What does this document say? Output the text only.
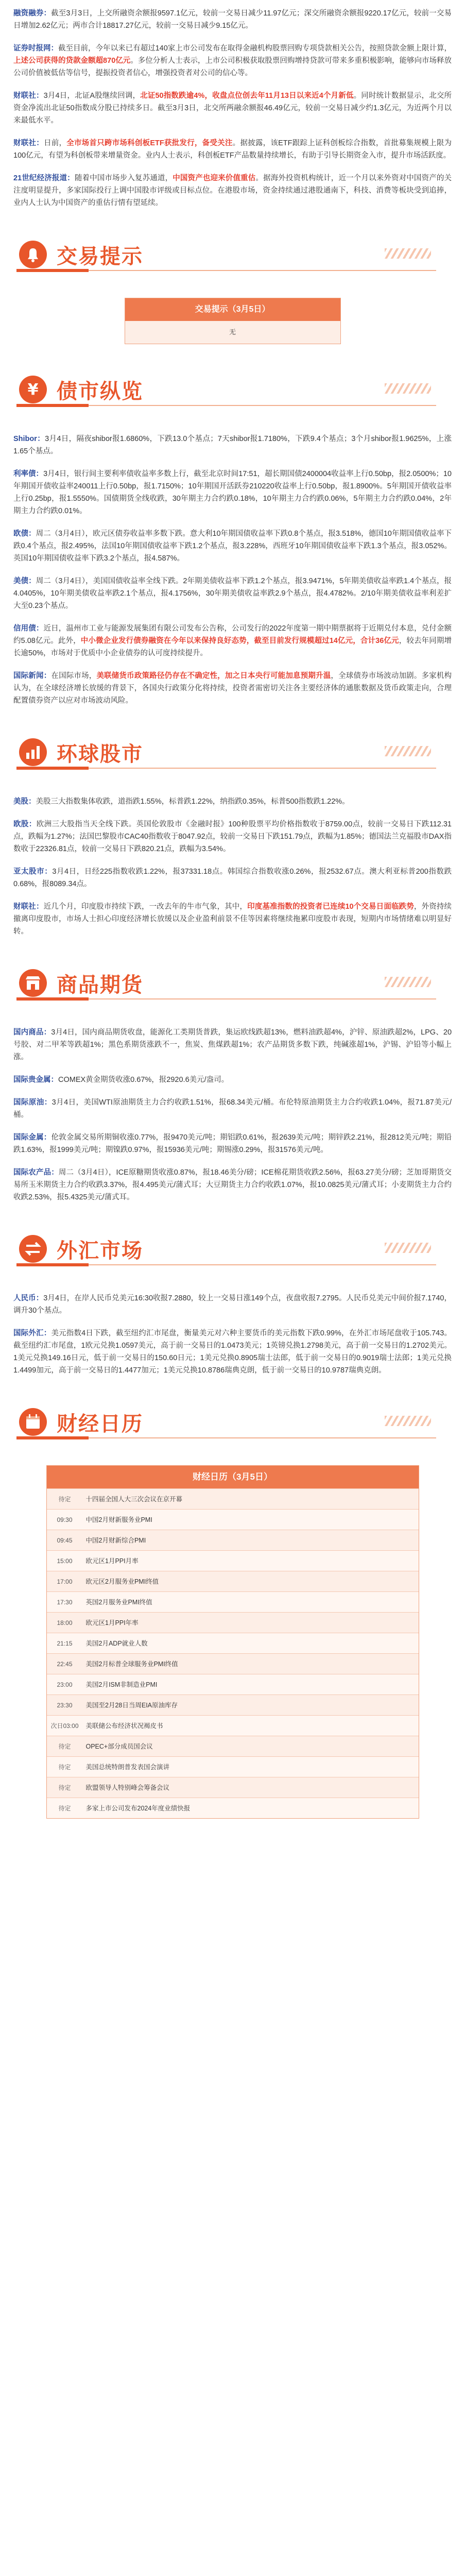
融资融券：截至3月3日，上交所融资余额报9597.1亿元，较前一交易日减少11.97亿元；深交所融资余额报9220.17亿元，较前一交易日增加2.62亿元；两市合计18817.27亿元，较前一交易日减少9.15亿元。

证券时报网：截至目前，今年以来已有超过140家上市公司发布在取得金融机构股票回购专项贷款相关公告，按照贷款金额上限计算，上述公司获得的贷款金额超870亿元。多位分析人士表示，上市公司积极获取股票回购增持贷款可带来多重积极影响，能够向市场释放公司价值被低估等信号，提振投资者信心，增强投资者对公司的信心等。

财联社：3月4日，北证A股继续回调，北证50指数跌逾4%，收盘点位创去年11月13日以来近4个月新低。同时统计数据显示，北交所资金净流出北证50指数成分股已持续多日。截至3月3日，北交所两融余额报46.49亿元，较前一交易日减少约1.3亿元，为近两个月以来最低水平。

财联社：日前，全市场首只跨市场科创板ETF获批发行，备受关注。据披露，该ETF跟踪上证科创板综合指数，首批募集规模上限为100亿元，有望为科创板带来增量资金。业内人士表示，科创板ETF产品数量持续增长，有助于引导长期资金入市，提升市场活跃度。

21世纪经济报道：随着中国市场步入复苏通道，中国资产也迎来价值重估。据海外投资机构统计，近一个月以来外资对中国资产的关注度明显提升，多家国际投行上调中国股市评级或目标点位。在港股市场，资金持续通过港股通南下，科技、消费等板块受到追捧，业内人士认为中国资产的重估行情有望延续。

交易提示
交易提示（3月5日）
无
¥ 债市纵览

Shibor：3月4日，隔夜shibor报1.6860%，下跌13.0个基点；7天shibor报1.7180%，下跌9.4个基点；3个月shibor报1.9625%，上涨1.65个基点。

利率债：3月4日，银行间主要利率债收益率多数上行，截至北京时间17:51，超长期国债2400004收益率上行0.50bp，报2.0500%；10年期国开债收益率240011上行0.50bp，报1.7150%；10年期国开活跃券210220收益率上行0.50bp，报1.8900%。5年期国开债收益率上行0.25bp，报1.5550%。国债期货全线收跌，30年期主力合约跌0.18%，10年期主力合约跌0.06%，5年期主力合约跌0.04%，2年期主力合约跌0.01%。

欧债：周二（3月4日），欧元区债券收益率多数下跌。意大利10年期国债收益率下跌0.8个基点，报3.518%，德国10年期国债收益率下跌0.4个基点，报2.495%，法国10年期国债收益率下跌1.2个基点，报3.228%，西班牙10年期国债收益率下跌1.3个基点，报3.052%。英国10年期国债收益率下跌3.2个基点，报4.587%。

美债：周二（3月4日），美国国债收益率全线下跌。2年期美债收益率下跌1.2个基点，报3.9471%，5年期美债收益率跌1.4个基点，报4.0405%，10年期美债收益率跌2.1个基点，报4.1756%，30年期美债收益率跌2.9个基点，报4.4782%。2/10年期美债收益率利差扩大至0.23个基点。

信用债：近日，温州市工业与能源发展集团有限公司发布公告称，公司发行的2022年度第一期中期票据将于近期兑付本息，兑付金额约5.08亿元。此外，中小微企业发行债券融资在今年以来保持良好态势，截至目前发行规模超过14亿元，合计36亿元，较去年同期增长逾50%，市场对于优质中小企业债券的认可度持续提升。

国际新闻：在国际市场，美联储货币政策路径仍存在不确定性，加之日本央行可能加息预期升温，全球债券市场波动加剧。多家机构认为，在全球经济增长放缓的背景下，各国央行政策分化将持续，投资者需密切关注各主要经济体的通胀数据及货币政策走向，合理配置债券资产以应对市场波动风险。

环球股市

美股：美股三大指数集体收跌，道指跌1.55%，标普跌1.22%，纳指跌0.35%，标普500指数跌1.22%。

欧股：欧洲三大股指当天全线下跌。英国伦敦股市《金融时报》100种股票平均价格指数收于8759.00点，较前一交易日下跌112.31点，跌幅为1.27%；法国巴黎股市CAC40指数收于8047.92点，较前一交易日下跌151.79点，跌幅为1.85%；德国法兰克福股市DAX指数收于22326.81点，较前一交易日下跌820.21点，跌幅为3.54%。

亚太股市：3月4日，日经225指数收跌1.22%，报37331.18点。韩国综合指数收涨0.26%，报2532.67点。澳大利亚标普200指数跌0.68%，报8089.34点。

财联社：近几个月，印度股市持续下跌，一改去年的牛市气象，其中，印度基准指数的投资者已连续10个交易日面临跌势，外资持续撤离印度股市，市场人士担心印度经济增长放缓以及企业盈利前景不佳等因素将继续拖累印度股市表现，短期内市场情绪难以明显好转。

商品期货

国内商品：3月4日，国内商品期货收盘，能源化工类期货普跌，集运欧线跌超13%，燃料油跌超4%，沪锌、原油跌超2%，LPG、20号胶、对二甲苯等跌超1%；黑色系期货涨跌不一，焦炭、焦煤跌超1%；农产品期货多数下跌，纯碱涨超1%，沪锡、沪铅等小幅上涨。

国际贵金属：COMEX黄金期货收涨0.67%，报2920.6美元/盎司。

国际原油：3月4日，美国WTI原油期货主力合约收跌1.51%，报68.34美元/桶。布伦特原油期货主力合约收跌1.04%，报71.87美元/桶。

国际金属：伦敦金属交易所期铜收涨0.77%，报9470美元/吨；期铝跌0.61%，报2639美元/吨；期锌跌2.21%，报2812美元/吨；期铅跌1.63%，报1999美元/吨；期镍跌0.97%，报15936美元/吨；期锡涨0.29%，报31576美元/吨。

国际农产品：周二（3月4日），ICE原糖期货收涨0.87%，报18.46美分/磅；ICE棉花期货收跌2.56%，报63.27美分/磅；芝加哥期货交易所玉米期货主力合约收跌3.37%，报4.495美元/蒲式耳；大豆期货主力合约收跌1.07%，报10.0825美元/蒲式耳；小麦期货主力合约收跌2.53%，报5.4325美元/蒲式耳。

外汇市场

人民币：3月4日，在岸人民币兑美元16:30收报7.2880，较上一交易日涨149个点，夜盘收报7.2795。人民币兑美元中间价报7.1740，调升30个基点。

国际外汇：美元指数4日下跌，截至纽约汇市尾盘，衡量美元对六种主要货币的美元指数下跌0.99%，在外汇市场尾盘收于105.743。截至纽约汇市尾盘，1欧元兑换1.0597美元，高于前一交易日的1.0473美元；1英镑兑换1.2798美元，高于前一交易日的1.2702美元。1美元兑换149.16日元，低于前一交易日的150.60日元；1美元兑换0.8905瑞士法郎，低于前一交易日的0.9019瑞士法郎；1美元兑换1.4499加元，高于前一交易日的1.4477加元；1美元兑换10.8786瑞典克朗，低于前一交易日的10.9787瑞典克朗。

财经日历
财经日历（3月5日）
待定	十四届全国人大三次会议在京开幕
09:30	中国2月财新服务业PMI
09:45	中国2月财新综合PMI
15:00	欧元区1月PPI月率
17:00	欧元区2月服务业PMI终值
17:30	英国2月服务业PMI终值
18:00	欧元区1月PPI年率
21:15	美国2月ADP就业人数
22:45	美国2月标普全球服务业PMI终值
23:00	美国2月ISM非制造业PMI
23:30	美国至2月28日当周EIA原油库存
次日03:00	美联储公布经济状况褐皮书
待定	OPEC+部分成员国会议
待定	美国总统特朗普发表国会演讲
待定	欧盟领导人特别峰会筹备会议
待定	多家上市公司发布2024年度业绩快报
